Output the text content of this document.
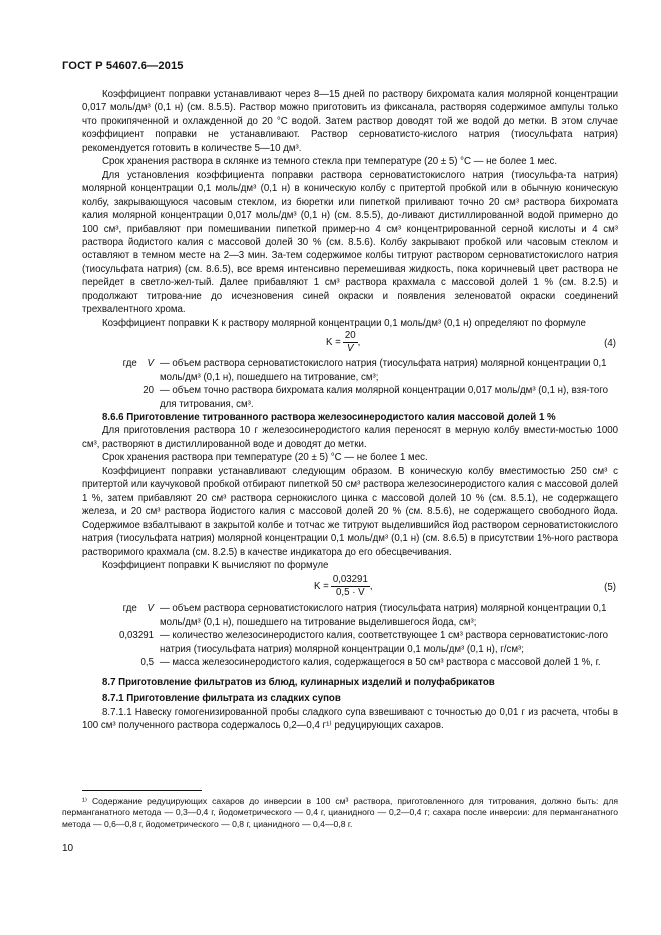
ГОСТ Р 54607.6—2015

Коэффициент поправки устанавливают через 8—15 дней по раствору бихромата калия молярной концентрации 0,017 моль/дм³ (0,1 н) (см. 8.5.5). Раствор можно приготовить из фиксанала, растворяя содержимое ампулы только что прокипяченной и охлажденной до 20 °С водой. Затем раствор доводят той же водой до метки. В этом случае коэффициент поправки не устанавливают. Раствор серноватисто-кислого натрия (тиосульфата натрия) рекомендуется готовить в количестве 5—10 дм³.

Срок хранения раствора в склянке из темного стекла при температуре (20 ± 5) °С — не более 1 мес.

Для установления коэффициента поправки раствора серноватистокислого натрия (тиосульфа-та натрия) молярной концентрации 0,1 моль/дм³ (0,1 н) в коническую колбу с притертой пробкой или в обычную коническую колбу, закрывающуюся часовым стеклом, из бюретки или пипеткой приливают точно 20 см³ раствора бихромата калия молярной концентрации 0,017 моль/дм³ (0,1 н) (см. 8.5.5), до-ливают дистиллированной водой примерно до 100 см³, прибавляют при помешивании пипеткой пример-но 4 см³ концентрированной серной кислоты и 4 см³ раствора йодистого калия с массовой долей 30 % (см. 8.5.6). Колбу закрывают пробкой или часовым стеклом и оставляют в темном месте на 2—3 мин. За-тем содержимое колбы титруют раствором серноватистокислого натрия (тиосульфата натрия) (см. 8.6.5), все время интенсивно перемешивая жидкость, пока коричневый цвет раствора не перейдет в светло-жел-тый. Далее прибавляют 1 см³ раствора крахмала с массовой долей 1 % (см. 8.2.5) и продолжают титрова-ние до исчезновения синей окраски и появления зеленоватой окраски соединений трехвалентного хрома.

Коэффициент поправки K к раствору молярной концентрации 0,1 моль/дм³ (0,1 н) определяют по формуле

$K = \frac{20}{V}$ ,	(4)
где V — объем раствора серноватистокислого натрия (тиосульфата натрия) молярной концентрации 0,1 моль/дм³ (0,1 н), пошедшего на титрование, см³;
20 — объем точно раствора бихромата калия молярной концентрации 0,017 моль/дм³ (0,1 н), взя-того для титрования, см³.

8.6.6 Приготовление титрованного раствора железосинеродистого калия массовой долей 1 %

Для приготовления раствора 10 г железосинеродистого калия переносят в мерную колбу вмести-мостью 1000 см³, растворяют в дистиллированной воде и доводят до метки.

Срок хранения раствора при температуре (20 ± 5) °С — не более 1 мес.

Коэффициент поправки устанавливают следующим образом. В коническую колбу вместимостью 250 см³ с притертой или каучуковой пробкой отбирают пипеткой 50 см³ раствора железосинеродистого калия с массовой долей 1 %, затем прибавляют 20 см³ раствора сернокислого цинка с массовой долей 10 % (см. 8.5.1), не содержащего железа, и 20 см³ раствора йодистого калия с массовой долей 20 % (см. 8.5.6), не содержащего свободного йода. Содержимое взбалтывают в закрытой колбе и тотчас же титруют выделившийся йод раствором серноватистокислого натрия (тиосульфата натрия) молярной концентрации 0,1 моль/дм³ (0,1 н) (см. 8.6.5) в присутствии 1%-ного раствора растворимого крахмала (см. 8.2.5) в качестве индикатора до его обесцвечивания.

Коэффициент поправки K вычисляют по формуле

$K = \frac{0,03291}{0,5 \cdot V}$ ,	(5)
где V — объем раствора серноватистокислого натрия (тиосульфата натрия) молярной концентрации 0,1 моль/дм³ (0,1 н), пошедшего на титрование выделившегося йода, см³;
0,03291 — количество железосинеродистого калия, соответствующее 1 см³ раствора серноватистокис-лого натрия (тиосульфата натрия) молярной концентрации 0,1 моль/дм³ (0,1 н), г/см³;
0,5 — масса железосинеродистого калия, содержащегося в 50 см³ раствора с массовой долей 1 %, г.

8.7 Приготовление фильтратов из блюд, кулинарных изделий и полуфабрикатов

8.7.1 Приготовление фильтрата из сладких супов

8.7.1.1 Навеску гомогенизированной пробы сладкого супа взвешивают с точностью до 0,01 г из расчета, чтобы в 100 см³ полученного раствора содержалось 0,2—0,4 г¹⁾ редуцирующих сахаров.

¹⁾ Содержание редуцирующих сахаров до инверсии в 100 см³ раствора, приготовленного для титрования, должно быть: для перманганатного метода — 0,3—0,4 г, йодометрического — 0,4 г, цианидного — 0,2—0,4 г; сахара после инверсии: для перманганатного метода — 0,6—0,8 г, йодометрического — 0,8 г, цианидного — 0,4—0,8 г.

10
